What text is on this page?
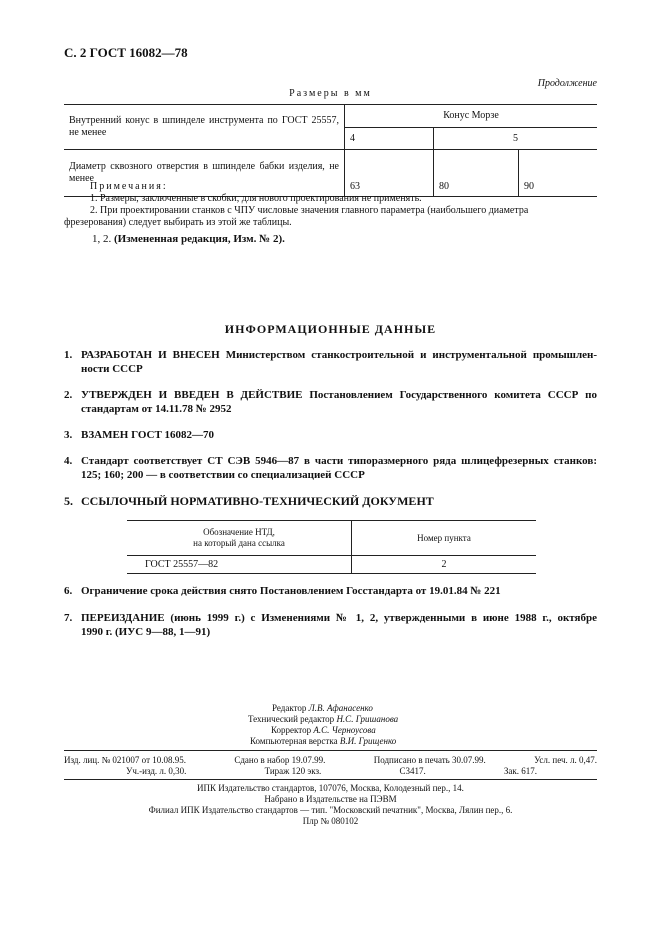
С. 2 ГОСТ 16082—78
Продолжение
Размеры в мм
Внутренний конус в шпинделе инструмента по ГОСТ 25557, не менее	Конус Морзе		
	4	5	
Диаметр сквозного отверстия в шпинделе бабки изделия, не менее	63	80	90

Примечания:

1. Размеры, заключенные в скобки, для нового проектирования не применять.

2. При проектировании станков с ЧПУ числовые значения главного параметра (наибольшего диаметра

фрезерования) следует выбирать из этой же таблицы.

1, 2. (Измененная редакция, Изм. № 2).
ИНФОРМАЦИОННЫЕ ДАННЫЕ
1. РАЗРАБОТАН И ВНЕСЕН Министерством станкостроительной и инструментальной промышлен-
ности СССР
2. УТВЕРЖДЕН И ВВЕДЕН В ДЕЙСТВИЕ Постановлением Государственного комитета СССР по
стандартам от 14.11.78 № 2952
3. ВЗАМЕН ГОСТ 16082—70
4. Стандарт соответствует СТ СЭВ 5946—87 в части типоразмерного ряда шлицефрезерных станков:
125; 160; 200 — в соответствии со специализацией СССР
5. ССЫЛОЧНЫЙ НОРМАТИВНО-ТЕХНИЧЕСКИЙ ДОКУМЕНТ
Обозначение НТД,
на который дана ссылка	Номер пункта
ГОСТ 25557—82	2
6. Ограничение срока действия снято Постановлением Госстандарта от 19.01.84 № 221
7. ПЕРЕИЗДАНИЕ (июнь 1999 г.) с Изменениями № 1, 2, утвержденными в июне 1988 г., октябре
1990 г. (ИУС 9—88, 1—91)
Редактор Л.В. Афанасенко
Технический редактор Н.С. Гришанова
Корректор А.С. Черноусова
Компьютерная верстка В.И. Грищенко
Изд. лиц. № 021007 от 10.08.95.	Сдано в набор 19.07.99.	Подписано в печать 30.07.99.	Усл. печ. л. 0,47.
Уч.-изд. л. 0,30.	Тираж 120 экз.	С3417.	Зак. 617.
ИПК Издательство стандартов, 107076, Москва, Колодезный пер., 14.
Набрано в Издательстве на ПЭВМ
Филиал ИПК Издательство стандартов — тип. "Московский печатник", Москва, Лялин пер., 6.
Плр № 080102
